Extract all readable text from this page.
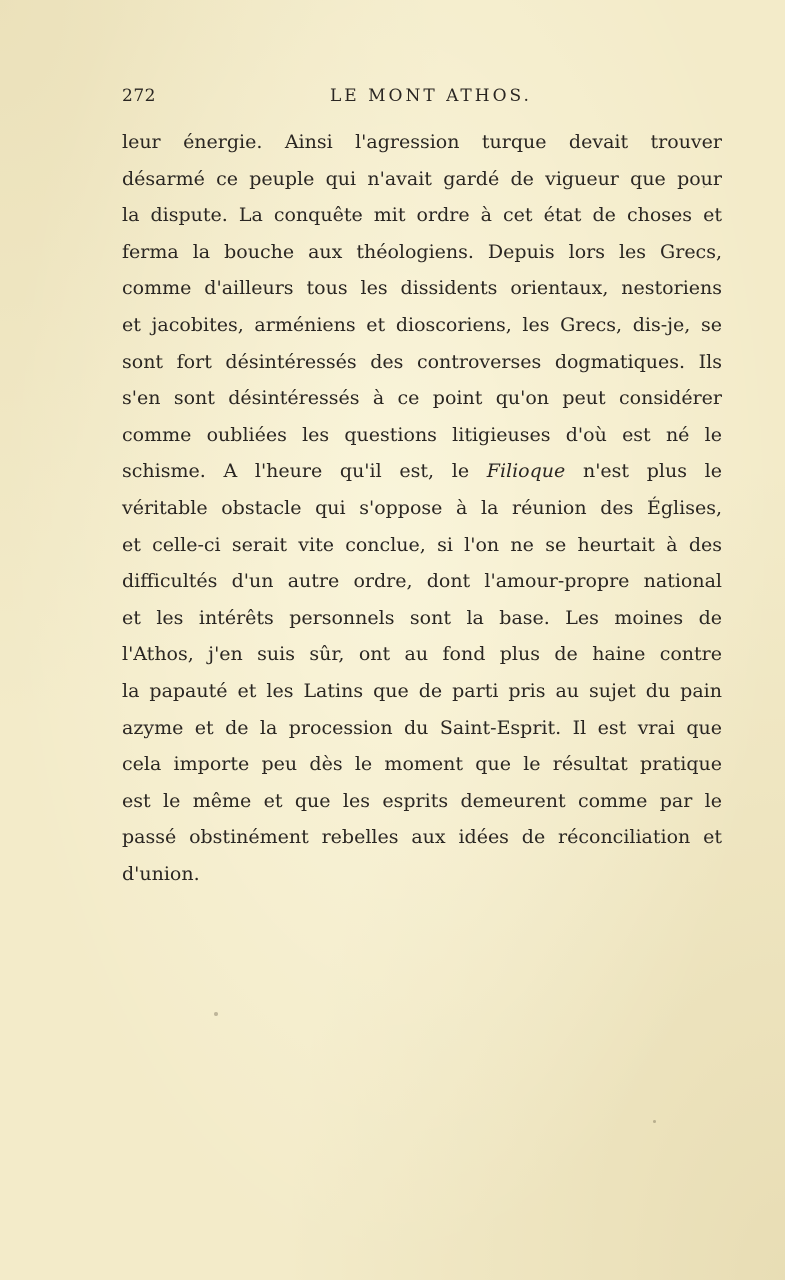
272	LE MONT ATHOS.
leur énergie. Ainsi l'agression turque devait trouver
désarmé ce peuple qui n'avait gardé de vigueur que pour
la dispute. La conquête mit ordre à cet état de choses et
ferma la bouche aux théologiens. Depuis lors les Grecs,
comme d'ailleurs tous les dissidents orientaux, nestoriens
et jacobites, arméniens et dioscoriens, les Grecs, dis-je, se
sont fort désintéressés des controverses dogmatiques. Ils
s'en sont désintéressés à ce point qu'on peut considérer
comme oubliées les questions litigieuses d'où est né le
schisme. A l'heure qu'il est, le Filioque n'est plus le
véritable obstacle qui s'oppose à la réunion des Églises,
et celle-ci serait vite conclue, si l'on ne se heurtait à des
difficultés d'un autre ordre, dont l'amour-propre national
et les intérêts personnels sont la base. Les moines de
l'Athos, j'en suis sûr, ont au fond plus de haine contre
la papauté et les Latins que de parti pris au sujet du pain
azyme et de la procession du Saint-Esprit. Il est vrai que
cela importe peu dès le moment que le résultat pratique
est le même et que les esprits demeurent comme par le
passé obstinément rebelles aux idées de réconciliation et
d'union.
